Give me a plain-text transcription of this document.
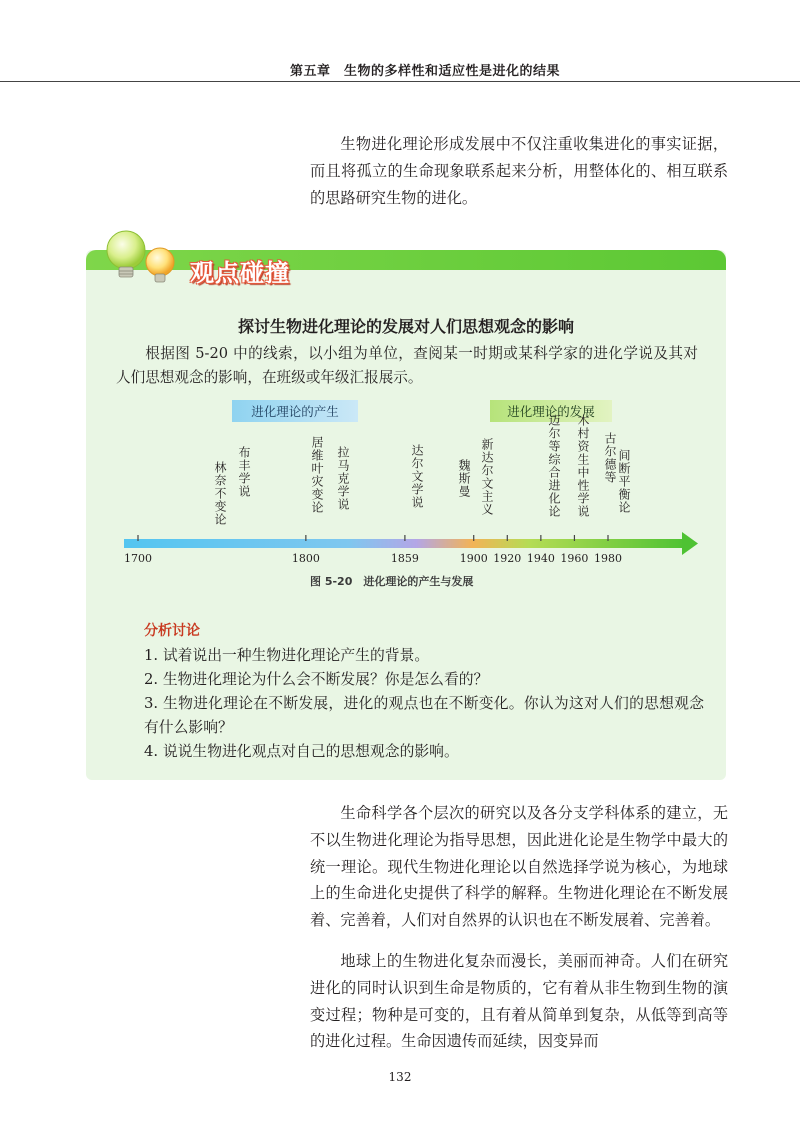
第五章　生物的多样性和适应性是进化的结果

生物进化理论形成发展中不仅注重收集进化的事实证据，而且将孤立的生命现象联系起来分析，用整体化的、相互联系的思路研究生物的进化。

观点碰撞
探讨生物进化理论的发展对人们思想观念的影响

根据图 5-20 中的线索，以小组为单位，查阅某一时期或某科学家的进化学说及其对人们思想观念的影响，在班级或年级汇报展示。

进化理论的产生	进化理论的发展
林奈不变论 布丰学说	居维叶灾变论 拉马克学说	达尔文学说	魏斯曼 新达尔文主义	迈尔等综合进化论 木村资生中性学说 古尔德等 间断平衡论
1700	1800	1859	1900 1920 1940 1960 1980
图 5-20　进化理论的产生与发展
分析讨论
1. 试着说出一种生物进化理论产生的背景。
2. 生物进化理论为什么会不断发展？你是怎么看的？
3. 生物进化理论在不断发展，进化的观点也在不断变化。你认为这对人们的思想观念有什么影响？
4. 说说生物进化观点对自己的思想观念的影响。

生命科学各个层次的研究以及各分支学科体系的建立，无不以生物进化理论为指导思想，因此进化论是生物学中最大的统一理论。现代生物进化理论以自然选择学说为核心，为地球上的生命进化史提供了科学的解释。生物进化理论在不断发展着、完善着，人们对自然界的认识也在不断发展着、完善着。

地球上的生物进化复杂而漫长，美丽而神奇。人们在研究进化的同时认识到生命是物质的，它有着从非生物到生物的演变过程；物种是可变的，且有着从简单到复杂，从低等到高等的进化过程。生命因遗传而延续，因变异而

132
